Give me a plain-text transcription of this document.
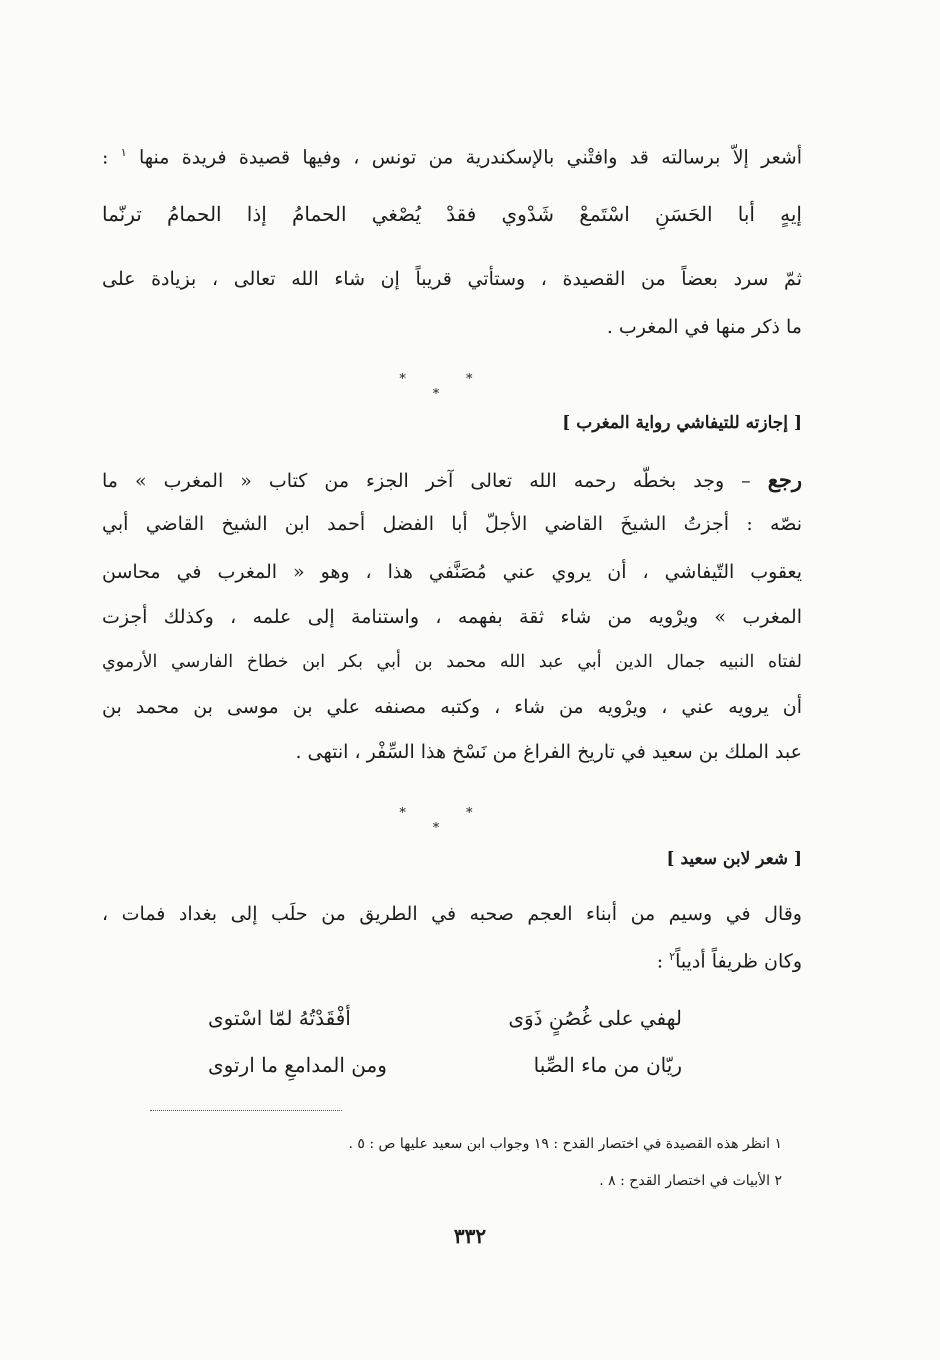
أشعر إلاّ برسالته قد وافتْني بالإسكندرية من تونس ، وفيها قصيدة فريدة منها $^١$ :
إيهٍ أبا الحَسَنِ اسْتَمعْ شَدْوي فقدْ يُصْغي الحمامُ إذا الحمامُ ترنّما
ثمّ سرد بعضاً من القصيدة ، وستأتي قريباً إن شاء الله تعالى ، بزيادة على
ما ذكر منها في المغرب .
* * *
[ إجازته للتيفاشي رواية المغرب ]
رجع – وجد بخطّه رحمه الله تعالى آخر الجزء من كتاب « المغرب » ما
نصّه : أجزتُ الشيخَ القاضي الأجلّ أبا الفضل أحمد ابن الشيخ القاضي أبي
يعقوب التّيفاشي ، أن يروي عني مُصَنَّفي هذا ، وهو « المغرب في محاسن
المغرب » ويرْويه من شاء ثقة بفهمه ، واستنامة إلى علمه ، وكذلك أجزت
لفتاه النبيه جمال الدين أبي عبد الله محمد بن أبي بكر ابن خطاخ الفارسي الأرموي
أن يرويه عني ، ويرْويه من شاء ، وكتبه مصنفه علي بن موسى بن محمد بن
عبد الملك بن سعيد في تاريخ الفراغ من نَسْخ هذا السِّفْر ، انتهى .
* * *
[ شعر لابن سعيد ]
وقال في وسيم من أبناء العجم صحبه في الطريق من حلَب إلى بغداد فمات ،
وكان ظريفاً أديباً$^٢$ :
لهفي على غُصُنٍ ذَوَى
أفْقَدْتُهُ لمّا اسْتوى
ريّان من ماء الصِّبا
ومن المدامعِ ما ارتوى
١ انظر هذه القصيدة في اختصار القدح : ١٩ وجواب ابن سعيد عليها ص : ٥ .
٢ الأبيات في اختصار القدح : ٨ .
٣٣٢
